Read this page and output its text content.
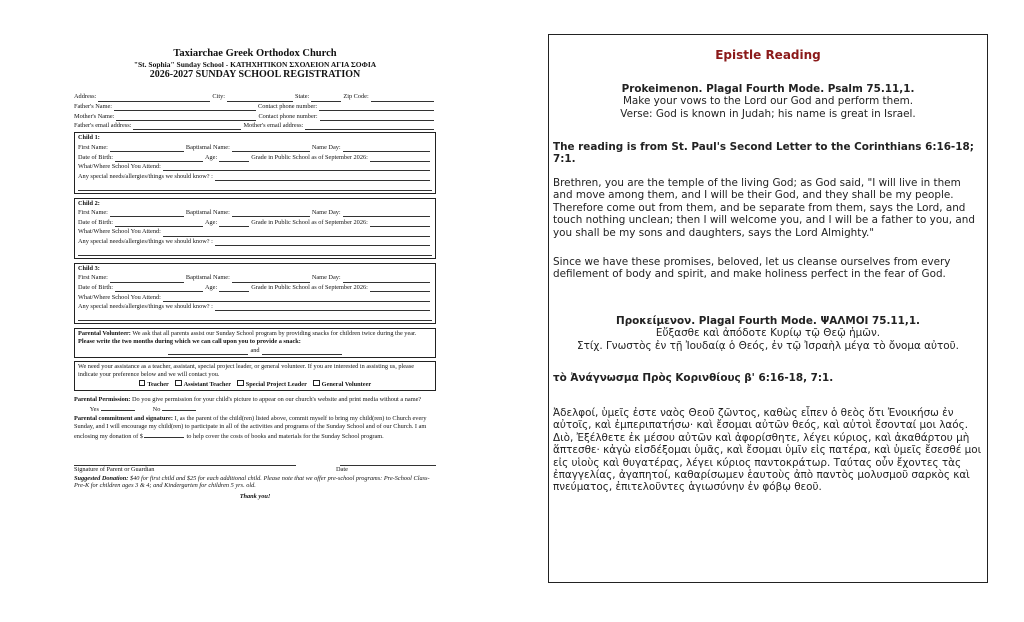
Taxiarchae Greek Orthodox Church
"St. Sophia" Sunday School - ΚΑΤΗΧΗΤΙΚΟΝ ΣΧΟΛΕΙΟΝ ΑΓΙΑ ΣΟΦΙΑ
2026-2027 SUNDAY SCHOOL REGISTRATION
Address:	City:	State:	Zip Code:
Father's Name:	Contact phone number:
Mother's Name:	Contact phone number:
Father's email address:	Mother's email address:
Child 1:
First Name:	Baptismal Name:	Name Day:
Date of Birth:	Age:	Grade in Public School as of September 2026:
What/Where School You Attend:
Any special needs/allergies/things we should know? :
Child 2:
First Name:	Baptismal Name:	Name Day:
Date of Birth:	Age:	Grade in Public School as of September 2026:
What/Where School You Attend:
Any special needs/allergies/things we should know? :
Child 3:
First Name:	Baptismal Name:	Name Day:
Date of Birth:	Age:	Grade in Public School as of September 2026:
What/Where School You Attend:
Any special needs/allergies/things we should know? :
Parental Volunteer: We ask that all parents assist our Sunday School program by providing snacks for children twice during the year. Please write the two months during which we can call upon you to provide a snack:
and
We need your assistance as a teacher, assistant, special project leader, or general volunteer. If you are interested in assisting us, please indicate your preference below and we will contact you.
Teacher Assistant Teacher Special Project Leader General Volunteer
Parental Permission: Do you give permission for your child's picture to appear on our church's website and print media without a name?           Yes	No
Parental commitment and signature: I, as the parent of the child(ren) listed above, commit myself to bring my child(ren) to Church every Sunday, and I will encourage my child(ren) to participate in all of the activities and programs of the Sunday School and of our Church. I am enclosing my donation of $	to help cover the costs of books and materials for the Sunday School program.
Signature of Parent or Guardian	Date
Suggested Donation: $40 for first child and $25 for each additional child. Please note that we offer pre-school programs: Pre-School Class-Pre-K for children ages 3 & 4; and Kindergarten for children 5 yrs. old.
Thank you!
Epistle Reading
Prokeimenon. Plagal Fourth Mode. Psalm 75.11,1.
Make your vows to the Lord our God and perform them.
Verse: God is known in Judah; his name is great in Israel.
The reading is from St. Paul's Second Letter to the Corinthians 6:16-18; 7:1.
Brethren, you are the temple of the living God; as God said, "I will live in them and move among them, and I will be their God, and they shall be my people. Therefore come out from them, and be separate from them, says the Lord, and touch nothing unclean; then I will welcome you, and I will be a father to you, and you shall be my sons and daughters, says the Lord Almighty."
Since we have these promises, beloved, let us cleanse ourselves from every defilement of body and spirit, and make holiness perfect in the fear of God.
Προκείμενον. Plagal Fourth Mode. ΨΑΛΜΟΙ 75.11,1.
Εὔξασθε καὶ ἀπόδοτε Κυρίῳ τῷ Θεῷ ἡμῶν.
Στίχ. Γνωστὸς ἐν τῇ Ἰουδαίᾳ ὁ Θεός, ἐν τῷ Ἰσραὴλ μέγα τὸ ὄνομα αὐτοῦ.
τὸ Ἀνάγνωσμα Πρὸς Κορινθίους β' 6:16-18, 7:1.
Ἀδελφοί, ὑμεῖς ἐστε ναὸς Θεοῦ ζῶντος, καθὼς εἶπεν ὁ θεὸς ὅτι Ἐνοικήσω ἐν αὐτοῖς, καὶ ἐμπεριπατήσω· καὶ ἔσομαι αὐτῶν θεός, καὶ αὐτοὶ ἔσονταί μοι λαός. Διὸ, Ἐξέλθετε ἐκ μέσου αὐτῶν καὶ ἀφορίσθητε, λέγει κύριος, καὶ ἀκαθάρτου μὴ ἅπτεσθε· κἀγὼ εἰσδέξομαι ὑμᾶς, καὶ ἔσομαι ὑμῖν εἰς πατέρα, καὶ ὑμεῖς ἔσεσθέ μοι εἰς υἱοὺς καὶ θυγατέρας, λέγει κύριος παντοκράτωρ. Ταύτας οὖν ἔχοντες τὰς ἐπαγγελίας, ἀγαπητοί, καθαρίσωμεν ἑαυτοὺς ἀπὸ παντὸς μολυσμοῦ σαρκὸς καὶ πνεύματος, ἐπιτελοῦντες ἁγιωσύνην ἐν φόβῳ θεοῦ.
